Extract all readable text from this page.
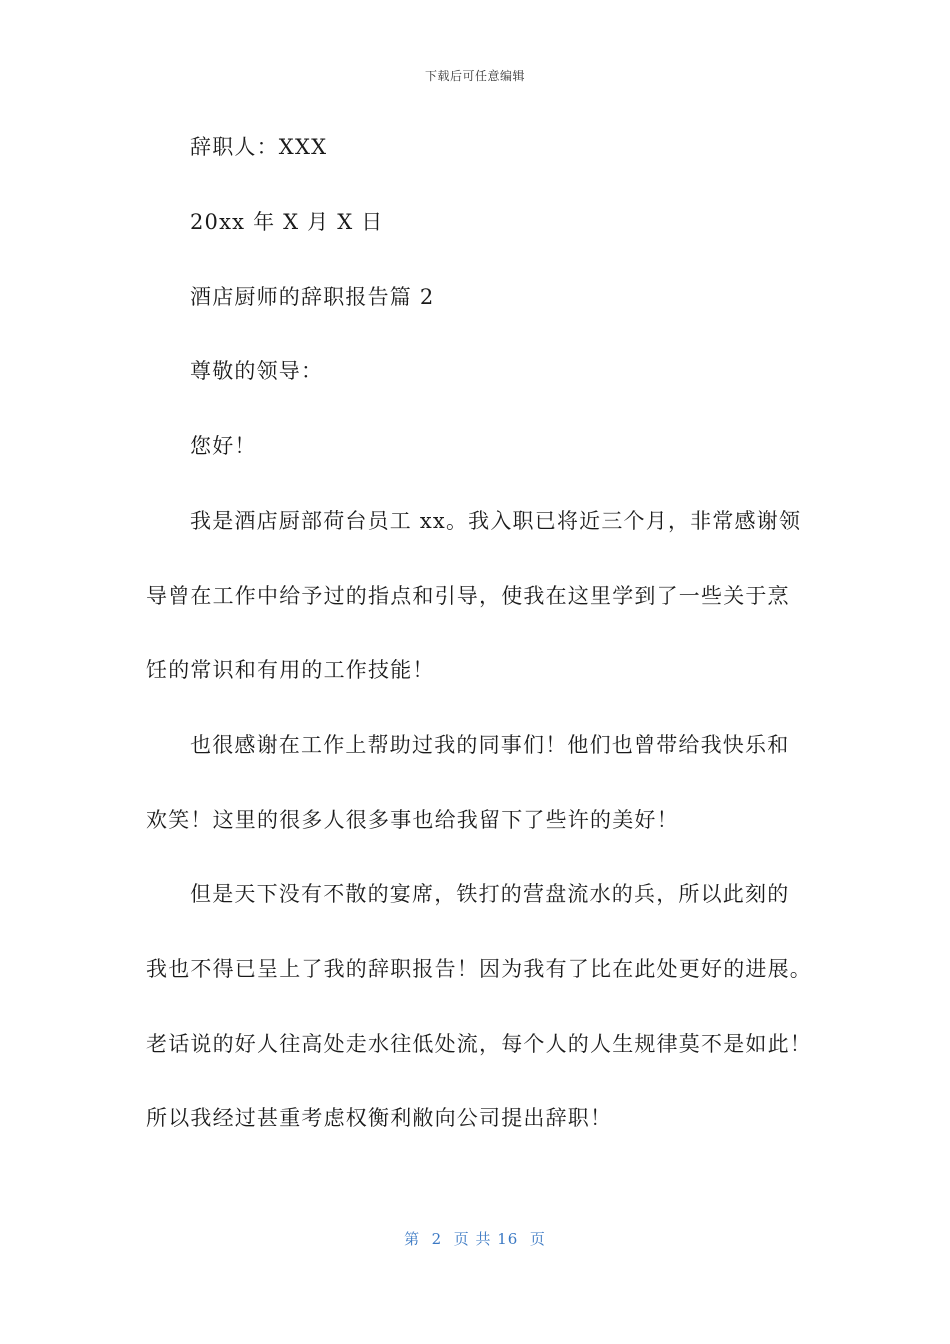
下载后可任意编辑
辞职人：XXX
20xx 年 X 月 X 日
酒店厨师的辞职报告篇 2
尊敬的领导：
您好！
我是酒店厨部荷台员工 xx。我入职已将近三个月，非常感谢领
导曾在工作中给予过的指点和引导，使我在这里学到了一些关于烹
饪的常识和有用的工作技能！
也很感谢在工作上帮助过我的同事们！他们也曾带给我快乐和
欢笑！这里的很多人很多事也给我留下了些许的美好！
但是天下没有不散的宴席，铁打的营盘流水的兵，所以此刻的
我也不得已呈上了我的辞职报告！因为我有了比在此处更好的进展。
老话说的好人往高处走水往低处流，每个人的人生规律莫不是如此！
所以我经过甚重考虑权衡利敝向公司提出辞职！
第  2  页 共 16  页
